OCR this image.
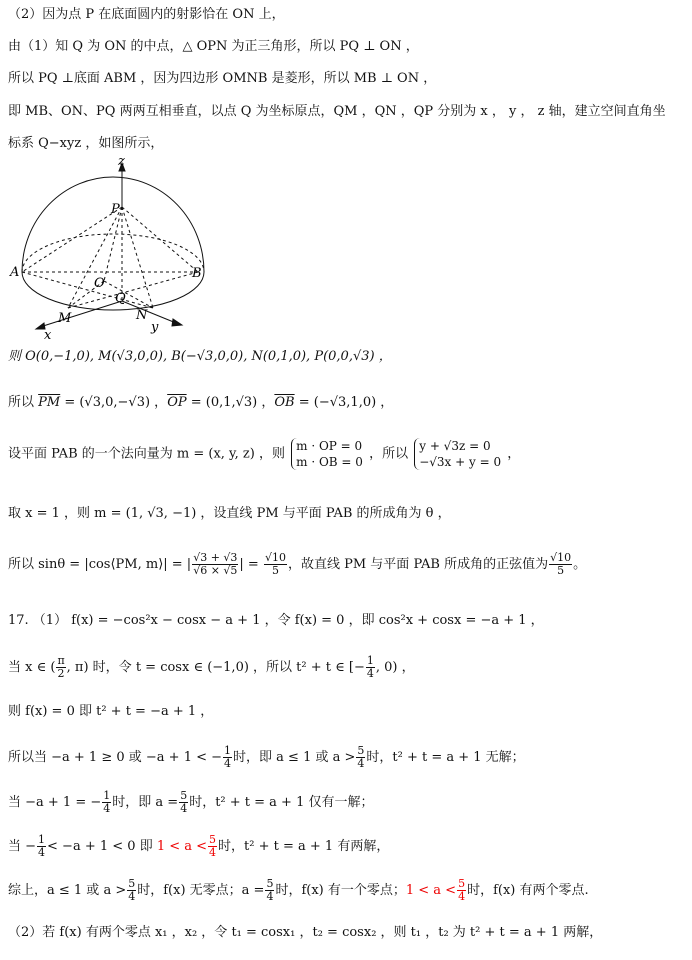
（2）因为点 P 在底面圆内的射影恰在 ON 上，
由（1）知 Q 为 ON 的中点，△ OPN 为正三角形，所以 PQ ⊥ ON ，
所以 PQ ⊥底面 ABM ，因为四边形 OMNB 是菱形，所以 MB ⊥ ON ，
即 MB、ON、PQ 两两互相垂直，以点 Q 为坐标原点，QM ，QN ，QP 分别为 x ， y ， z 轴，建立空间直角坐
标系 Q−xyz ，如图所示，
z
P
A	B
O
Q
M	N
x
y
则 O(0,−1,0), M(√3,0,0), B(−√3,0,0), N(0,1,0), P(0,0,√3) ，
所以 $\overline{PM} = (√3,0,-√3)$ ，$\overline{OP} = (0,1,√3)$ ，$\overline{OB} = (-√3,1,0)$ ，
设平面 PAB 的一个法向量为 m = (x, y, z) ，则 m · OP = 0
m · OB = 0 ，所以 y + √3z = 0
−√3x + y = 0 ，
取 x = 1 ，则 m = (1, √3, −1) ，设直线 PM 与平面 PAB 的所成角为 θ ，
所以 sinθ = |cos⟨PM, m⟩| = | $\frac{√3 + √3}{√6 \times √5}$ | = $\frac{√10}{5}$ ，故直线 PM 与平面 PAB 所成角的正弦值为 $\frac{√10}{5}$ 。
17. （1） f(x) = −cos²x − cosx − a + 1 ，令 f(x) = 0 ，即 cos²x + cosx = −a + 1 ，
当 x ∈ ( $\frac{\pi}{2}$ , π) 时，令 t = cosx ∈ (−1,0) ，所以 t² + t ∈ [− $\frac{1}{4}$ , 0) ，
则 f(x) = 0 即 t² + t = −a + 1 ，
所以当 −a + 1 ≥ 0 或 −a + 1 < − $\frac{1}{4}$ 时，即 a ≤ 1 或 $a > \frac{5}{4}$ 时，t² + t = a + 1 无解；
当 −a + 1 = − $\frac{1}{4}$ 时，即 $a = \frac{5}{4}$ 时，t² + t = a + 1 仅有一解；
当 − $\frac{1}{4} < -a + 1 < 0$ 即 $1 < a < \frac{5}{4}$ 时，t² + t = a + 1 有两解，
综上，a ≤ 1 或 $a > \frac{5}{4}$ 时，f(x) 无零点；$a = \frac{5}{4}$ 时，f(x) 有一个零点；$1 < a < \frac{5}{4}$ 时，f(x) 有两个零点.
（2）若 f(x) 有两个零点 x₁ ，x₂ ，令 t₁ = cosx₁ ，t₂ = cosx₂ ，则 t₁ ，t₂ 为 t² + t = a + 1 两解，
